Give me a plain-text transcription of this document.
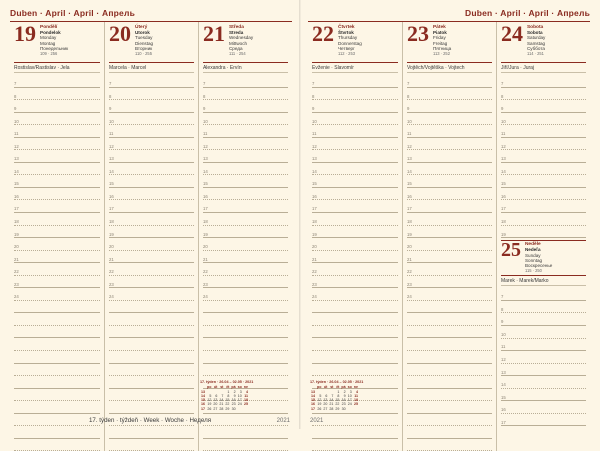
Duben · April · April · Апрель
19 Pondělí
Pondelok
Monday
Montag
Понедельник
109 · 256
Rostislav/Rastislav · Jela
7
8
9
10
11
12
13
14
15
16
17
18
19
20
21
22
23
24
20 Úterý
Utorok
Tuesday
Dienstag
Вторник
110 · 255
Marcela · Marcel
7
8
9
10
11
12
13
14
15
16
17
18
19
20
21
22
23
24
21 Středa
Streda
Wednesday
Mittwoch
Среда
111 · 254
Alexandra · Ervín
7
8
9
10
11
12
13
14
15
16
17
18
19
20
21
22
23
24
17. týden · 26.04 – 02.05 · 2021
	po	út	st	čt	pá	so	ne
13				1	2	3	4
14	5	6	7	8	9	10	11
15	12	13	14	15	16	17	18
16	19	20	21	22	23	24	25
17	26	27	28	29	30		
17. týden · týždeň · Week · Woche · Неделя	2021
Duben · April · April · Апрель
22 Čtvrtek
Štvrtok
Thursday
Donnerstag
Четверг
112 · 253
Evženie · Slavomír
7
8
9
10
11
12
13
14
15
16
17
18
19
20
21
22
23
24
23 Pátek
Piatok
Friday
Freitag
Пятница
113 · 252
Vojtěch/Vojtěška · Vojtech
7
8
9
10
11
12
13
14
15
16
17
18
19
20
21
22
23
24
24 Sobota
Sobota
Saturday
Samstag
Суббота
114 · 251
Jiří/Jura · Juraj
7
8
9
10
11
12
13
14
15
16
17
18
19
25 Neděle
Nedeľa
Sunday
Sonntag
Воскресенье
115 · 250
Marek · Marek/Marko
7
8
9
10
11
12
13
14
15
16
17
17. týden · 26.04 – 02.05 · 2021
	po	út	st	čt	pá	so	ne
13				1	2	3	4
14	5	6	7	8	9	10	11
15	12	13	14	15	16	17	18
16	19	20	21	22	23	24	25
17	26	27	28	29	30		
2021
